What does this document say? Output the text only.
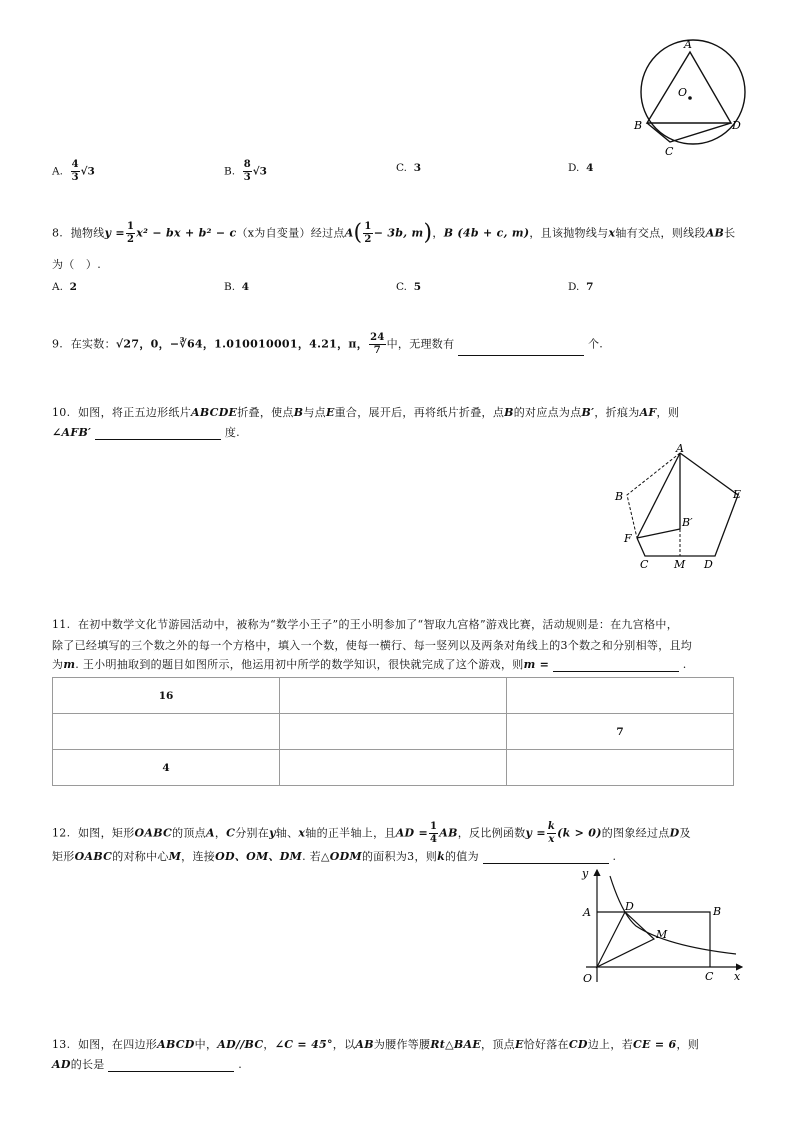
A
O
B	D
C
A. $\frac{4}{3} √3$	B. $\frac{8}{3} √3$	C. 3	D. 4
8. 抛物线$y = \frac{1}{2} x^2$ − bx + b² − c（x为自变量）经过点$A( \frac{1}{2} - 3b$, m)，B (4b + c, m)，且该抛物线与x轴有交点，则线段AB长
为（　）.
A. 2	B. 4	C. 5	D. 7
9. 在实数：√27，0，−∛64，1.010010001，4.21，π， $\frac{24}{7}$ 中，无理数有	个.
10. 如图，将正五边形纸片ABCDE折叠，使点B与点E重合，展开后，再将纸片折叠，点B的对应点为点B′，折痕为AF，则
∠AFB′	度.
A
B	E
B′
F
C M D
11. 在初中数学文化节游园活动中，被称为“数学小王子”的王小明参加了“智取九宫格”游戏比赛，活动规则是：在九宫格中，
除了已经填写的三个数之外的每一个方格中，填入一个数，使每一横行、每一竖列以及两条对角线上的3个数之和分别相等，且均
为m. 王小明抽取到的题目如图所示，他运用初中所学的数学知识，很快就完成了这个游戏，则m =	.
16		
		7
4		
12. 如图，矩形OABC的顶点A，C分别在y轴、x轴的正半轴上，且AD = $\frac{1}{4}$ AB，反比例函数$y = \frac{k}{x} (k > 0)$的图象经过点D及
矩形OABC的对称中心M，连接OD、OM、DM. 若△ODM的面积为3，则k的值为	.
y
x
A	D	B
M
O	C
13. 如图，在四边形ABCD中，AD//BC，∠C = 45°，以AB为腰作等腰Rt△BAE，顶点E恰好落在CD边上，若CE = 6，则
AD的长是	.
